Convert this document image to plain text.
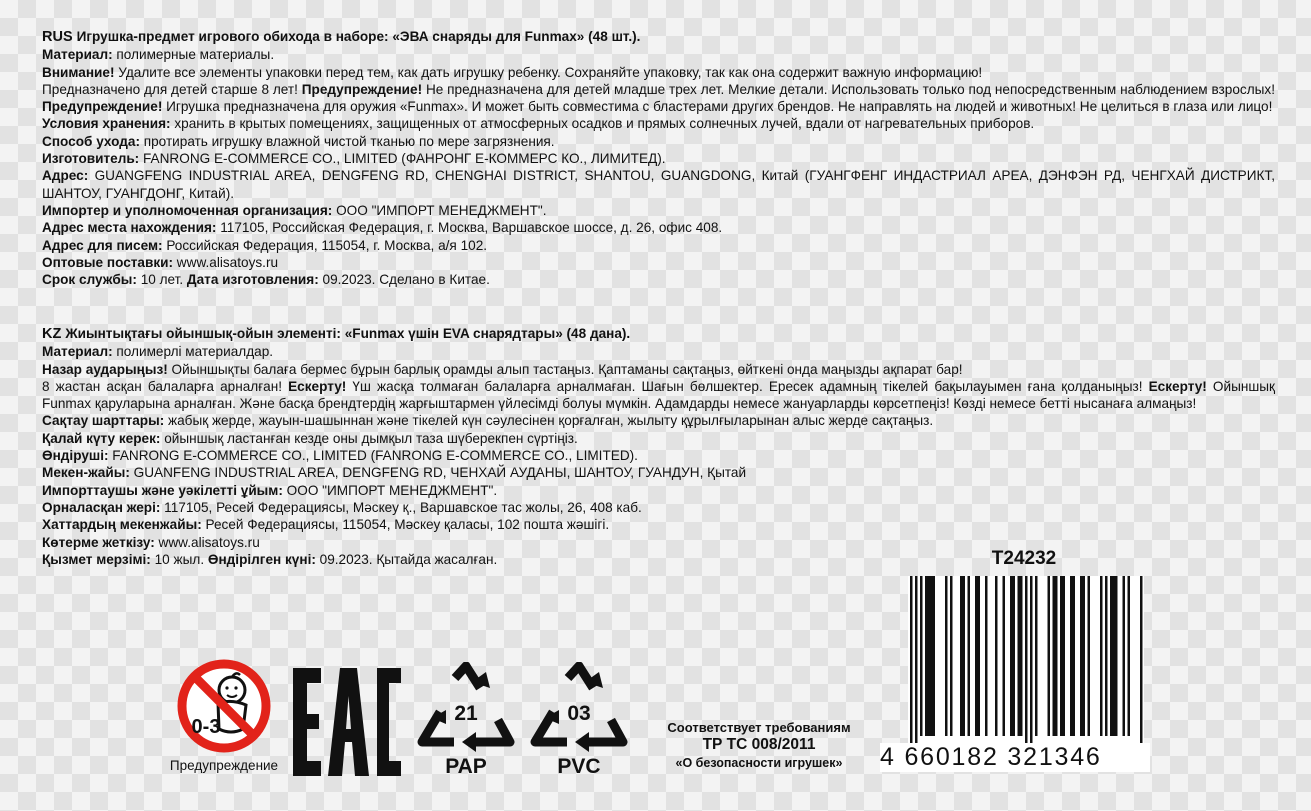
RUS Игрушка-предмет игрового обихода в наборе: «ЭВА снаряды для Funmax» (48 шт.).

Материал: полимерные материалы.

Внимание! Удалите все элементы упаковки перед тем, как дать игрушку ребенку. Сохраняйте упаковку, так как она содержит важную информацию!

Предназначено для детей старше 8 лет! Предупреждение! Не предназначена для детей младше трех лет. Мелкие детали. Использовать только под непосредственным наблюдением взрослых! Предупреждение! Игрушка предназначена для оружия «Funmax». И может быть совместима с бластерами других брендов. Не направлять на людей и животных! Не целиться в глаза или лицо!

Условия хранения: хранить в крытых помещениях, защищенных от атмосферных осадков и прямых солнечных лучей, вдали от нагревательных приборов.

Способ ухода: протирать игрушку влажной чистой тканью по мере загрязнения.

Изготовитель: FANRONG E-COMMERCE CO., LIMITED (ФАНРОНГ Е-КОММЕРС КО., ЛИМИТЕД).

Адрес: GUANGFENG INDUSTRIAL AREA, DENGFENG RD, CHENGHAI DISTRICT, SHANTOU, GUANGDONG, Китай (ГУАНГФЕНГ ИНДАСТРИАЛ АРЕА, ДЭНФЭН РД, ЧЕНГХАЙ ДИСТРИКТ, ШАНТОУ, ГУАНГДОНГ, Китай).

Импортер и уполномоченная организация: ООО "ИМПОРТ МЕНЕДЖМЕНТ".

Адрес места нахождения: 117105, Российская Федерация, г. Москва, Варшавское шоссе, д. 26, офис 408.

Адрес для писем: Российская Федерация, 115054, г. Москва, а/я 102.

Оптовые поставки: www.alisatoys.ru

Срок службы: 10 лет. Дата изготовления: 09.2023. Сделано в Китае.

KZ Жиынтықтағы ойыншық-ойын элементі: «Funmax үшін EVA снарядтары» (48 дана).

Материал: полимерлі материалдар.

Назар аударыңыз! Ойыншықты балаға бермес бұрын барлық орамды алып тастаңыз. Қаптаманы сақтаңыз, өйткені онда маңызды ақпарат бар!

8 жастан асқан балаларға арналған! Ескерту! Үш жасқа толмаған балаларға арналмаған. Шағын бөлшектер. Ересек адамның тікелей бақылауымен ғана қолданыңыз! Ескерту! Ойыншық Funmax қаруларына арналған. Және басқа брендтердің жарғыштармен үйлесімді болуы мүмкін. Адамдарды немесе жануарларды көрсетпеңіз! Көзді немесе бетті нысанаға алмаңыз!

Сақтау шарттары: жабық жерде, жауын-шашыннан және тікелей күн сәулесінен қорғалған, жылыту құрылғыларынан алыс жерде сақтаңыз.

Қалай күту керек: ойыншық ластанған кезде оны дымқыл таза шүберекпен сүртіңіз.

Өндіруші: FANRONG E-COMMERCE CO., LIMITED (FANRONG E-COMMERCE CO., LIMITED).

Мекен-жайы: GUANFENG INDUSTRIAL AREA, DENGFENG RD, ЧЕНХАЙ АУДАНЫ, ШАНТОУ, ГУАНДУН, Қытай

Импорттаушы және уәкілетті ұйым: ООО "ИМПОРТ МЕНЕДЖМЕНТ".

Орналасқан жері: 117105, Ресей Федерациясы, Мәскеу қ., Варшавское тас жолы, 26, 408 каб.

Хаттардың мекенжайы: Ресей Федерациясы, 115054, Мәскеу қаласы, 102 пошта жәшігі.

Көтерме жеткізу: www.alisatoys.ru

Қызмет мерзімі: 10 жыл. Өндірілген күні: 09.2023. Қытайда жасалған.

0-3
Предупреждение
21
PAP
03
PVC
Соответствует требованиям
ТР ТС 008/2011
«О безопасности игрушек»
T24232
4 660182 321346
